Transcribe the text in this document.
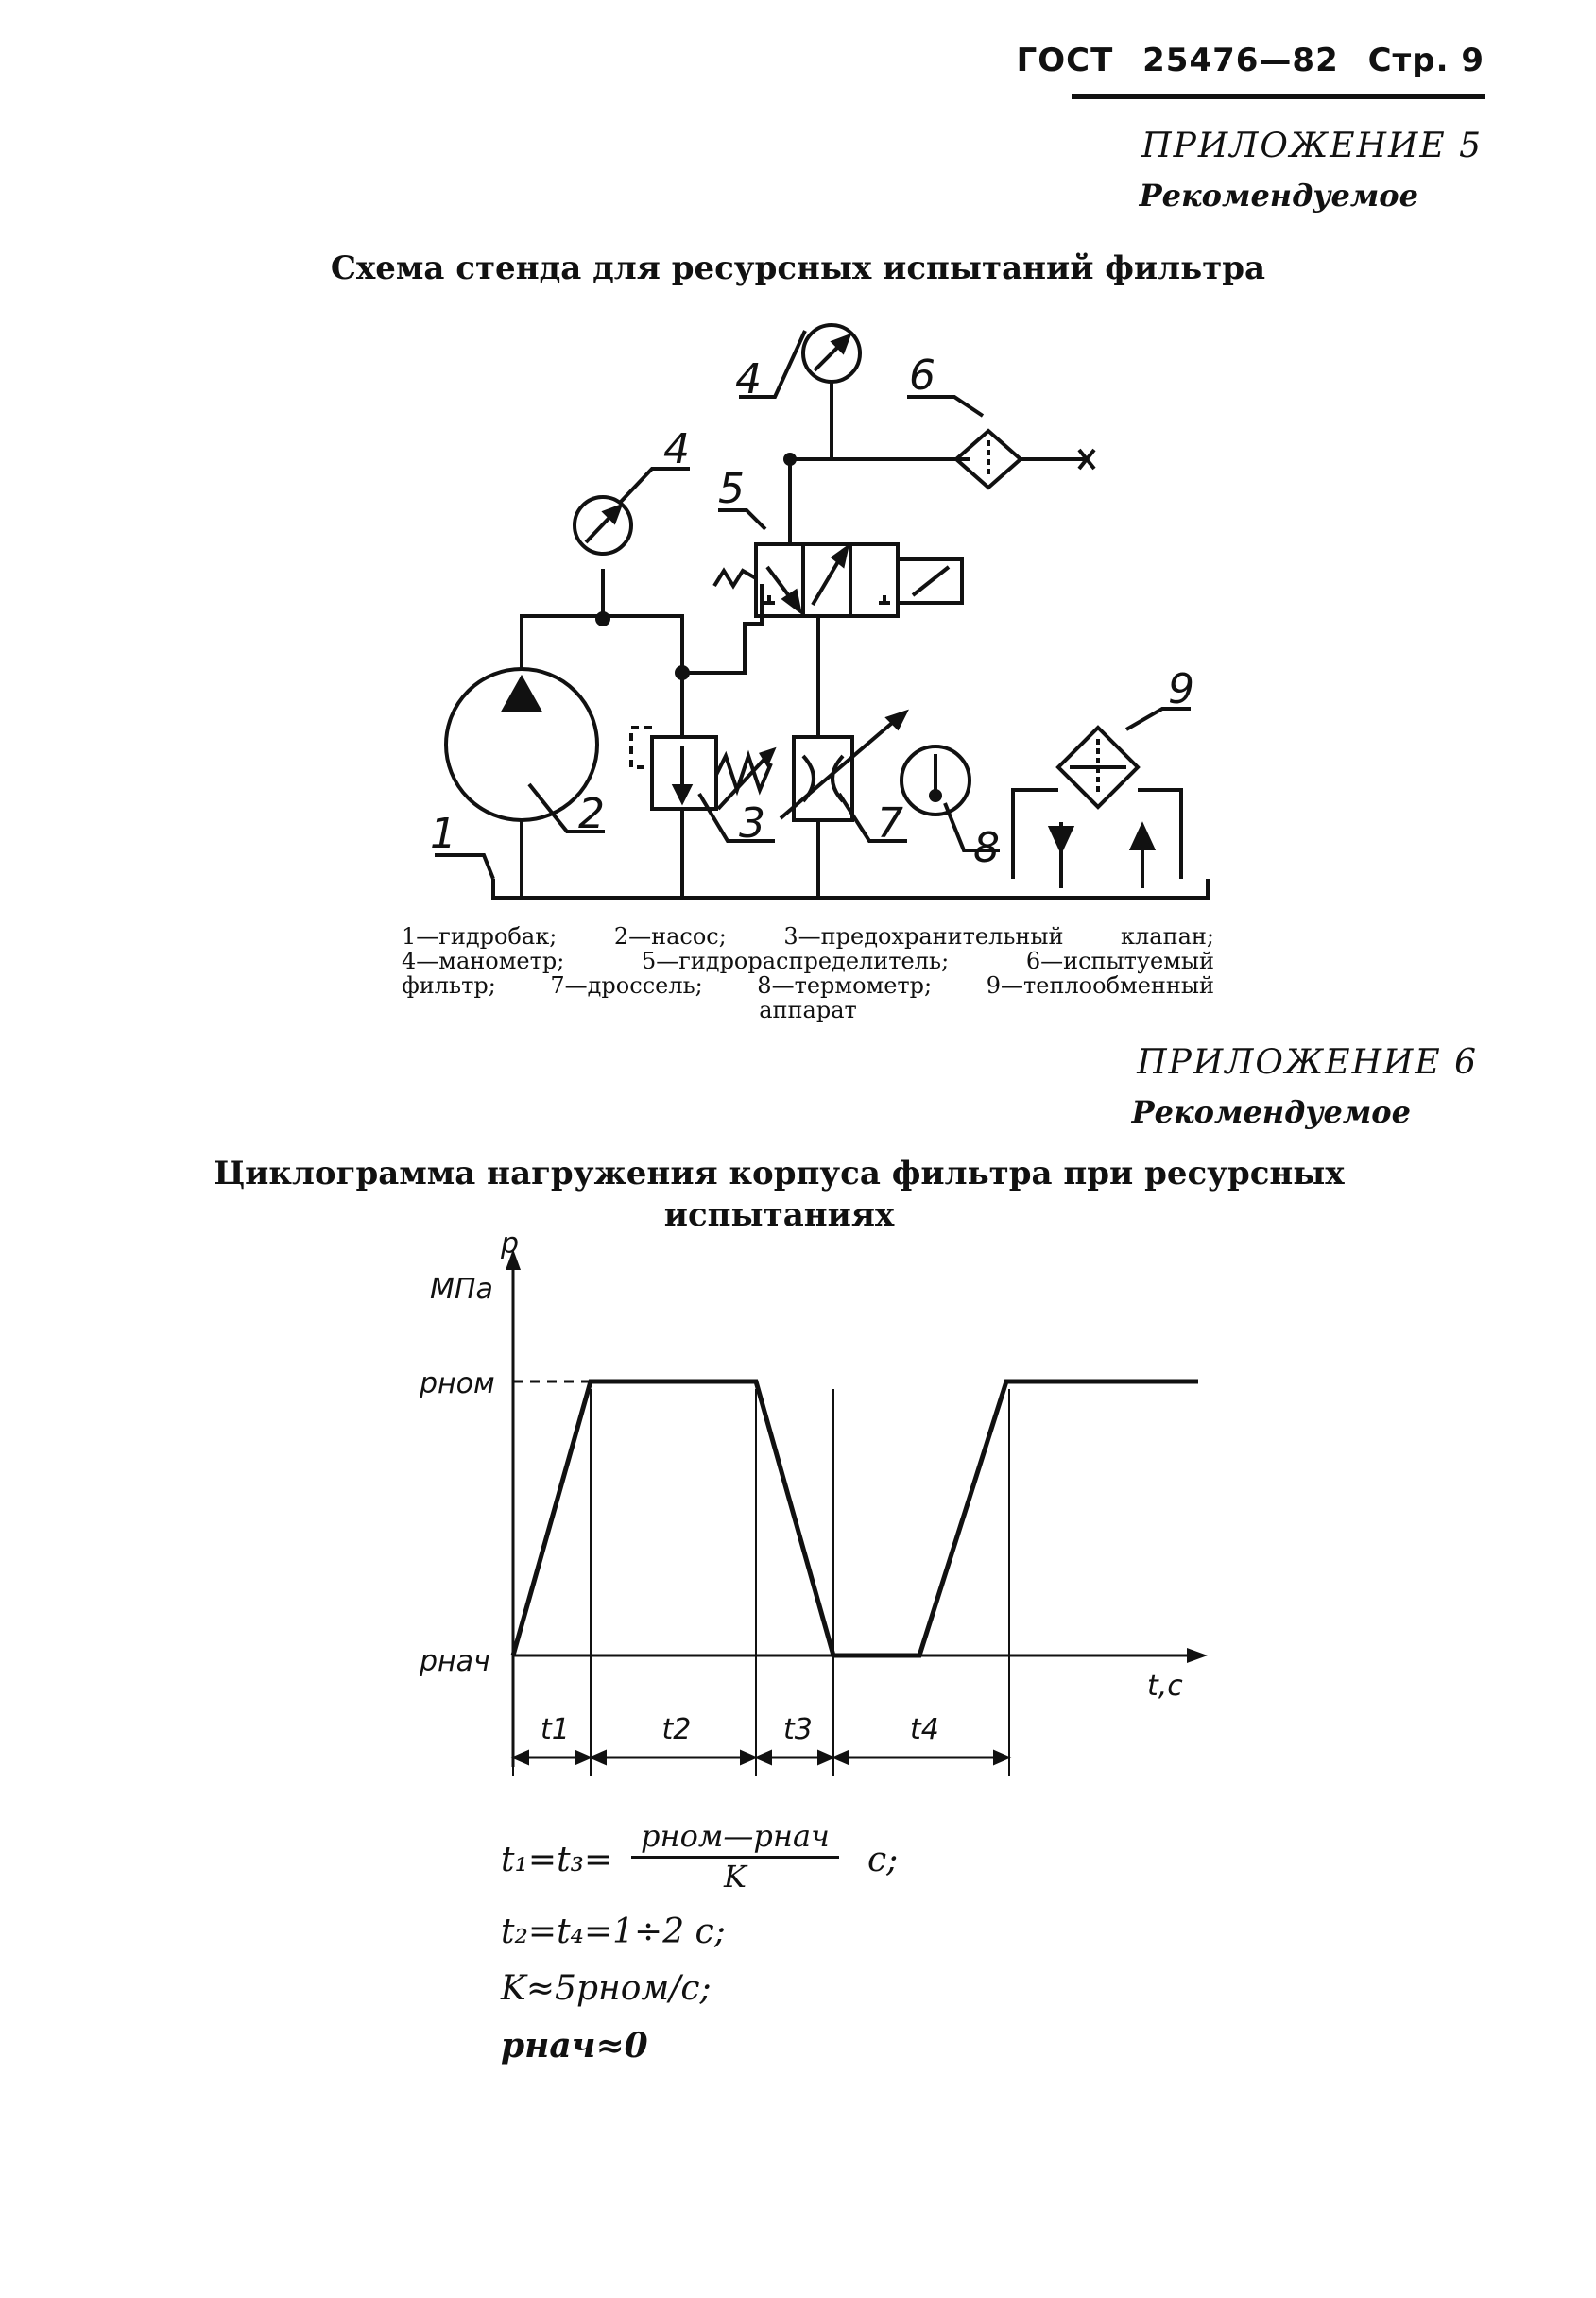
ГОСТ 25476—82 Стр. 9
ПРИЛОЖЕНИЕ 5
Рекомендуемое
Схема стенда для ресурсных испытаний фильтра
1	2	3
4
4
5
6
7
8
9

1—гидробак; 2—насос; 3—предохранительный клапан;

4—манометр; 5—гидрораспределитель; 6—испытуемый

фильтр; 7—дроссель; 8—термометр; 9—теплообменный

аппарат

ПРИЛОЖЕНИЕ 6
Рекомендуемое
Циклограмма нагружения корпуса фильтра при ресурсных
испытаниях
p
МПа
pном
pнач
t,c
t1	t2	t3	t4
t₁=t₃=
pном—pнач
K	с;
t₂=t₄=1÷2 с;
K≈5pном/с;
pнач≈0
